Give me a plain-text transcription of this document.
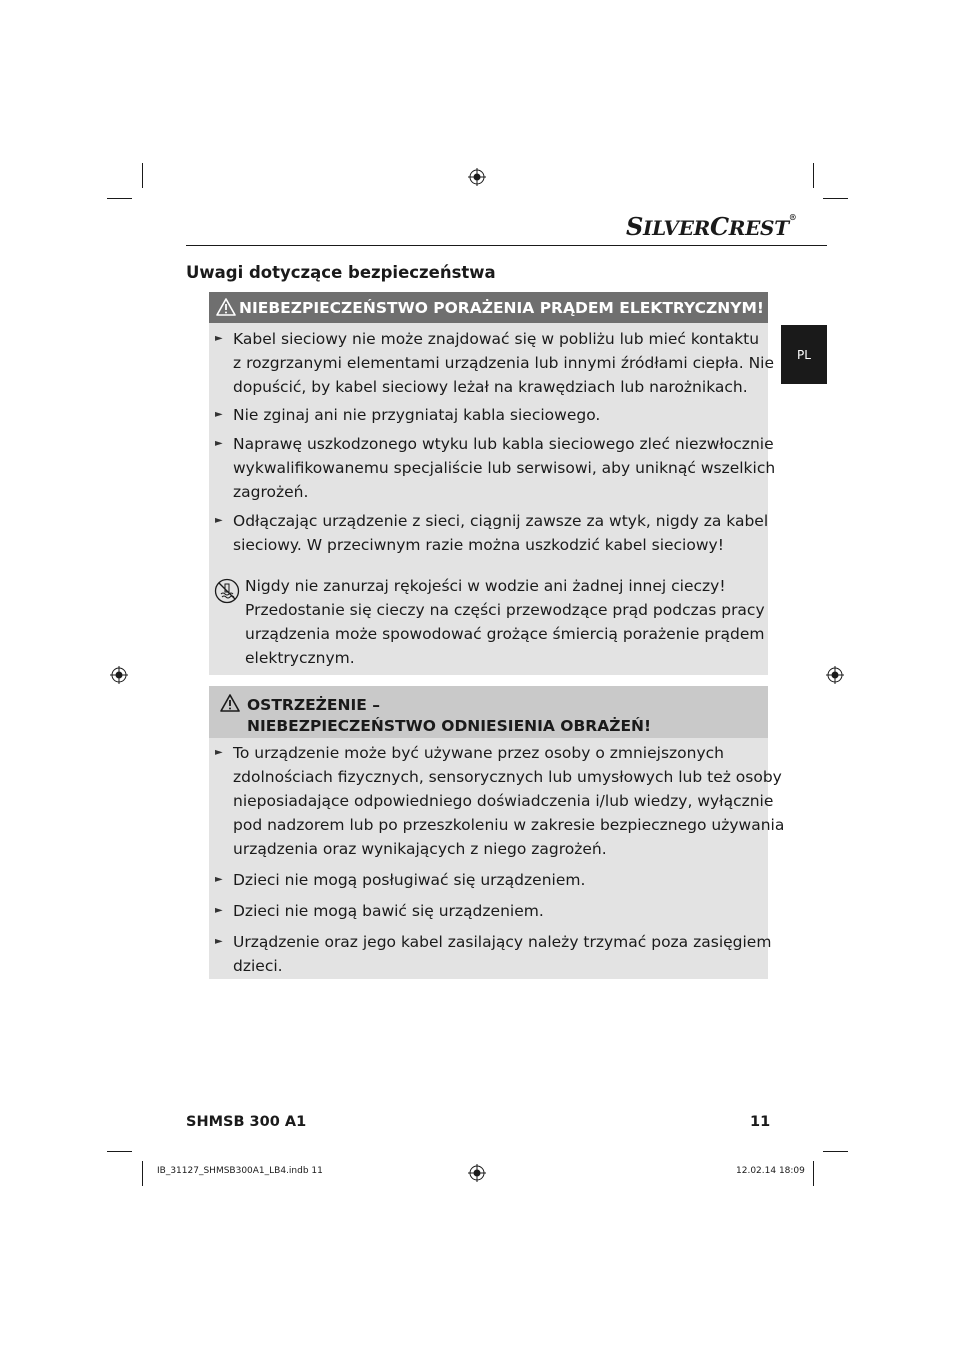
SILVERCREST®
PL
Uwagi dotyczące bezpieczeństwa
NIEBEZPIECZEŃSTWO PORAŻENIA PRĄDEM ELEKTRYCZNYM!
► Kabel sieciowy nie może znajdować się w pobliżu lub mieć kontaktu
z rozgrzanymi elementami urządzenia lub innymi źródłami ciepła. Nie
dopuścić, by kabel sieciowy leżał na krawędziach lub narożnikach.
► Nie zginaj ani nie przygniataj kabla sieciowego.
► Naprawę uszkodzonego wtyku lub kabla sieciowego zleć niezwłocznie
wykwalifikowanemu specjaliście lub serwisowi, aby uniknąć wszelkich
zagrożeń.
► Odłączając urządzenie z sieci, ciągnij zawsze za wtyk, nigdy za kabel
sieciowy. W przeciwnym razie można uszkodzić kabel sieciowy!
Nigdy nie zanurzaj rękojeści w wodzie ani żadnej innej cieczy!
Przedostanie się cieczy na części przewodzące prąd podczas pracy
urządzenia może spowodować grożące śmiercią porażenie prądem
elektrycznym.
OSTRZEŻENIE –
NIEBEZPIECZEŃSTWO ODNIESIENIA OBRAŻEŃ!
► To urządzenie może być używane przez osoby o zmniejszonych
zdolnościach fizycznych, sensorycznych lub umysłowych lub też osoby
nieposiadające odpowiedniego doświadczenia i/lub wiedzy, wyłącznie
pod nadzorem lub po przeszkoleniu w zakresie bezpiecznego używania
urządzenia oraz wynikających z niego zagrożeń.
► Dzieci nie mogą posługiwać się urządzeniem.
► Dzieci nie mogą bawić się urządzeniem.
► Urządzenie oraz jego kabel zasilający należy trzymać poza zasięgiem
dzieci.
SHMSB 300 A1	11
IB_31127_SHMSB300A1_LB4.indb 11	12.02.14 18:09
